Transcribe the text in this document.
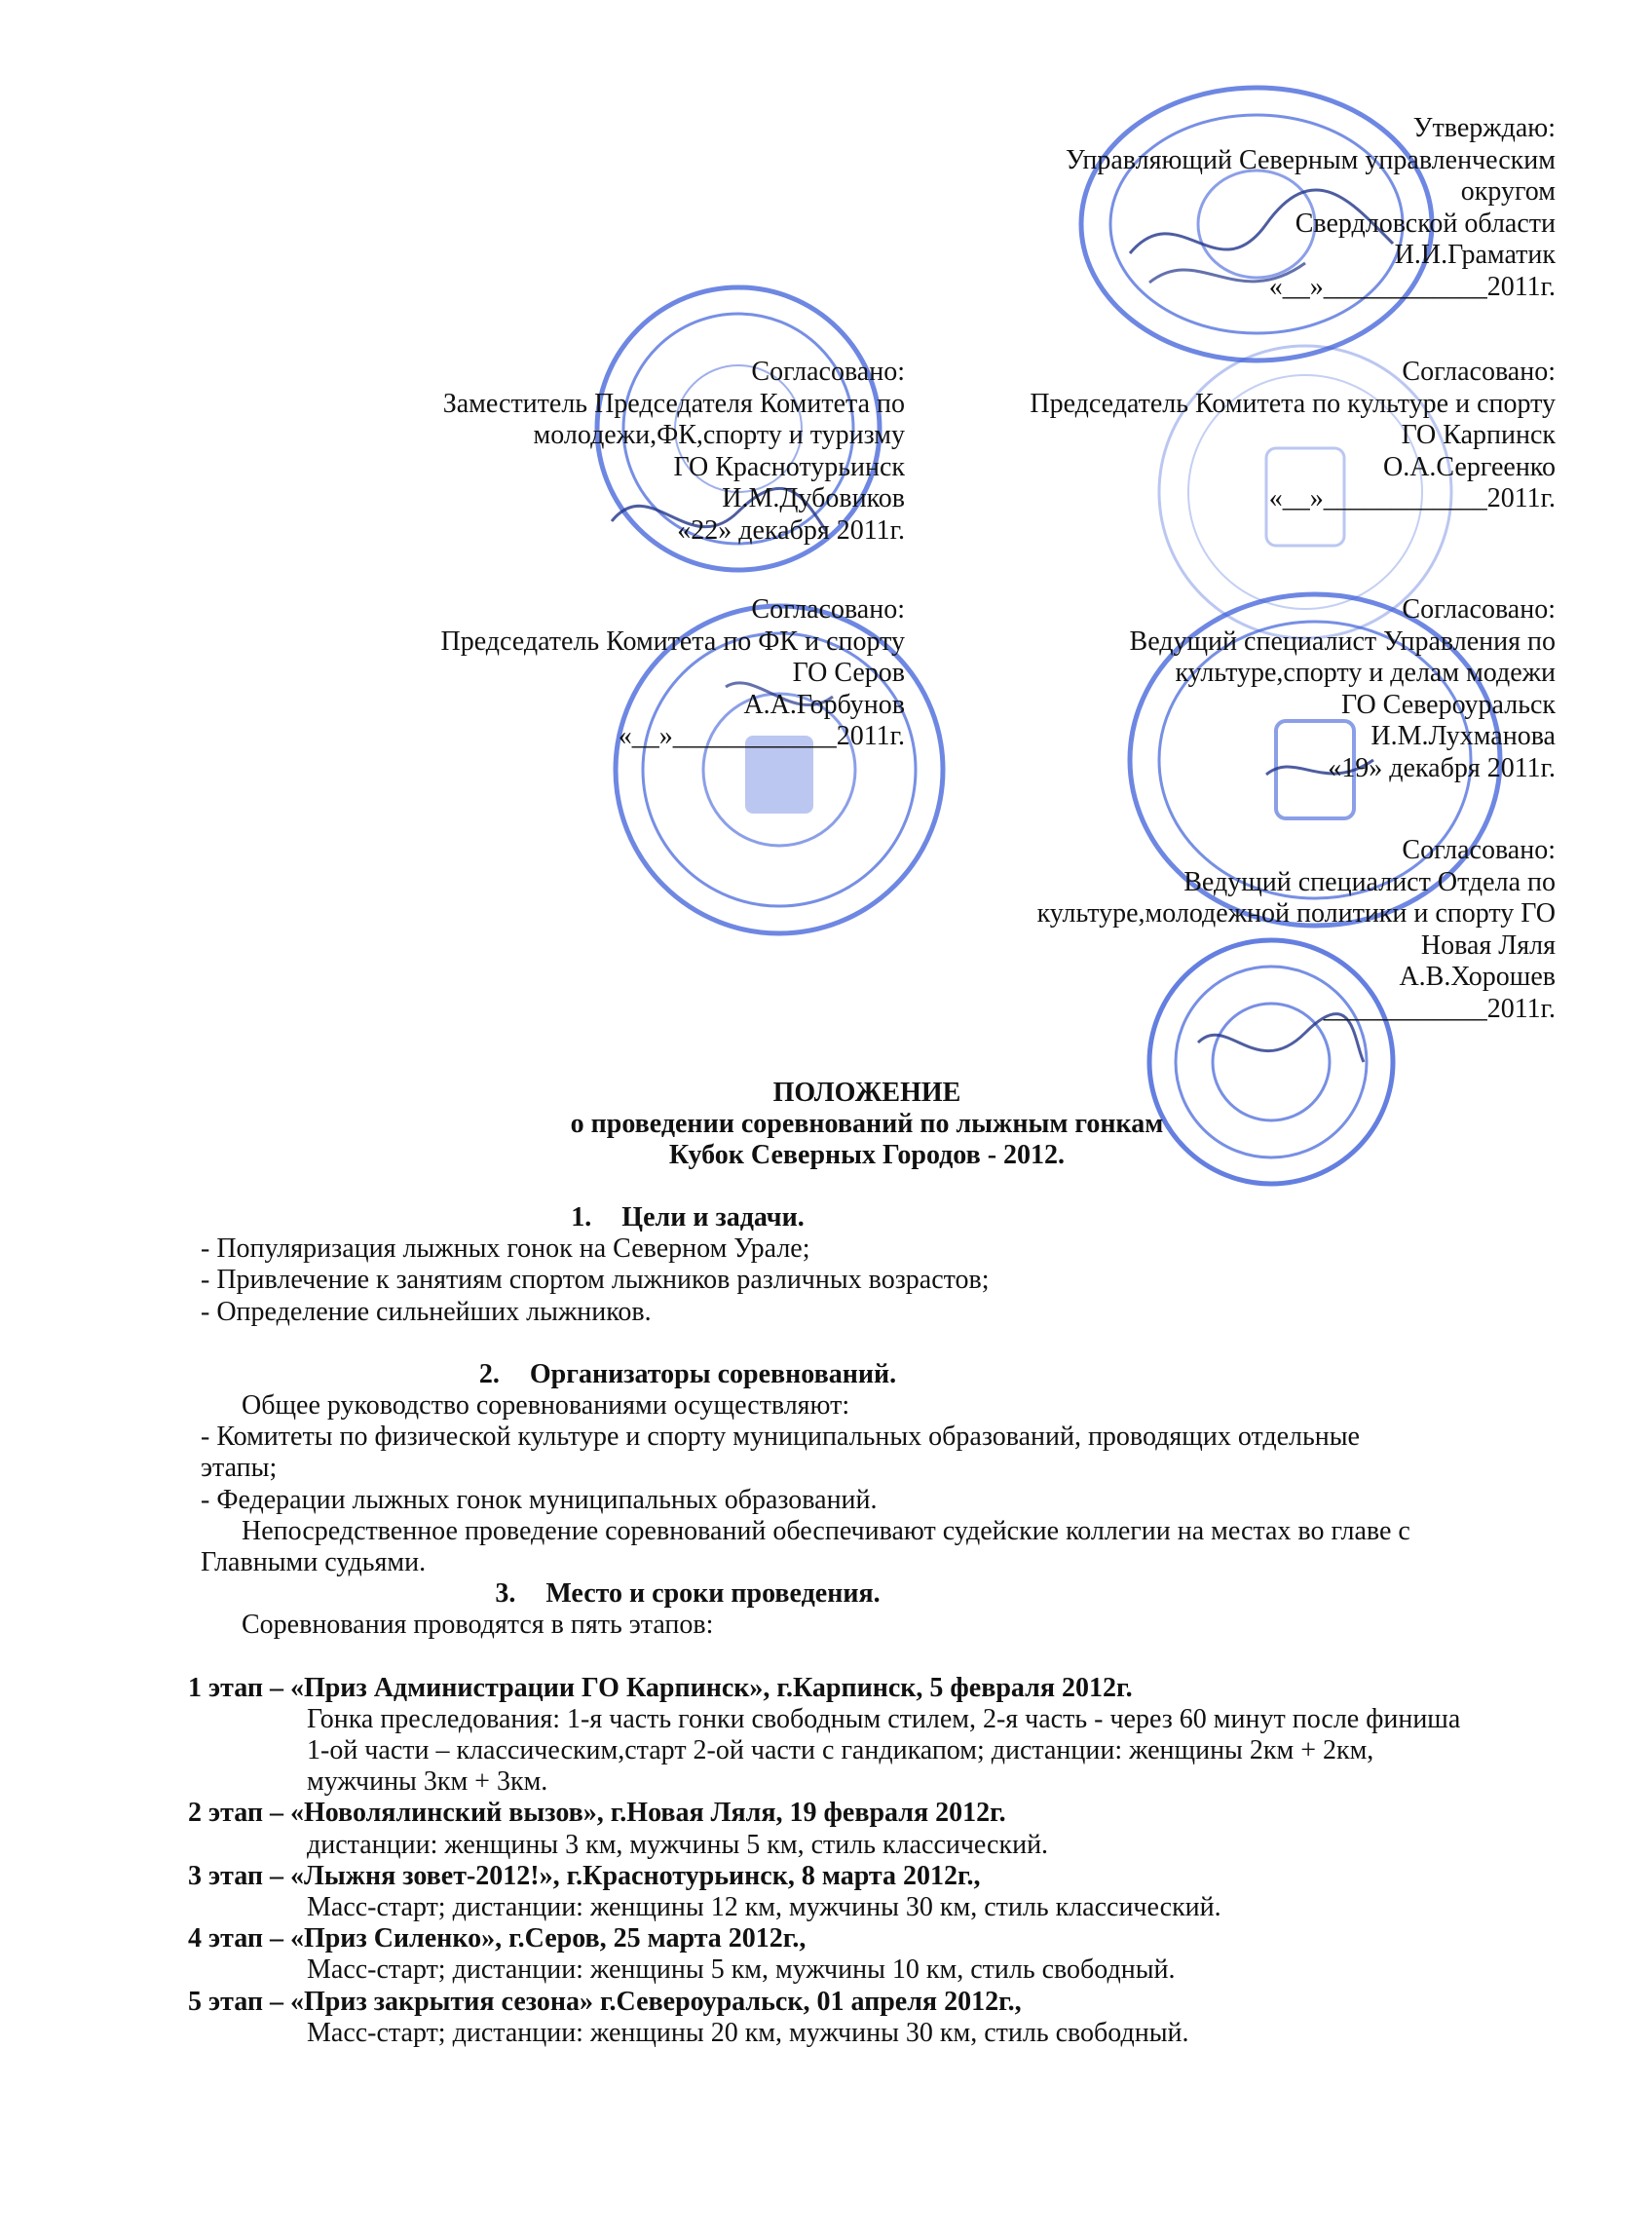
Утверждаю:
Управляющий Северным управленческим
округом
Свердловской области
И.И.Граматик
«__»____________2011г.
Согласовано:
Заместитель Председателя Комитета по
молодежи,ФК,спорту и туризму
ГО Краснотурьинск
И.М.Дубовиков
«22» декабря 2011г.
Согласовано:
Председатель Комитета по культуре и спорту
ГО Карпинск
О.А.Сергеенко
«__»____________2011г.
Согласовано:
Председатель Комитета по ФК и спорту
ГО Серов
А.А.Горбунов
«__»____________2011г.
Согласовано:
Ведущий специалист Управления по
культуре,спорту и делам модежи
ГО Североуральск
И.М.Лухманова
«19» декабря 2011г.
Согласовано:
Ведущий специалист Отдела по
культуре,молодежной политики и спорту ГО
Новая Ляля
А.В.Хорошев
____________2011г.
ПОЛОЖЕНИЕ
о проведении соревнований по лыжным гонкам
Кубок Северных Городов - 2012.
1. Цели и задачи.
- Популяризация лыжных гонок на Северном Урале;
- Привлечение к занятиям спортом лыжников различных возрастов;
- Определение сильнейших лыжников.
2. Организаторы соревнований.
Общее руководство соревнованиями осуществляют:
- Комитеты по физической культуре и спорту муниципальных образований, проводящих отдельные
этапы;
- Федерации лыжных гонок муниципальных образований.
Непосредственное проведение соревнований обеспечивают судейские коллегии на местах во главе с
Главными судьями.
3. Место и сроки проведения.
Соревнования проводятся в пять этапов:
1 этап – «Приз Администрации ГО Карпинск», г.Карпинск, 5 февраля 2012г.
Гонка преследования: 1-я часть гонки свободным стилем, 2-я часть - через 60 минут после финиша 1-ой части – классическим,старт 2-ой части с гандикапом; дистанции: женщины 2км + 2км, мужчины 3км + 3км.
2 этап – «Новолялинский вызов», г.Новая Ляля, 19 февраля 2012г.
дистанции: женщины 3 км, мужчины 5 км, стиль классический.
3 этап – «Лыжня зовет-2012!», г.Краснотурьинск, 8 марта 2012г.,
Масс-старт; дистанции: женщины 12 км, мужчины 30 км, стиль классический.
4 этап – «Приз Силенко», г.Серов, 25 марта 2012г.,
Масс-старт; дистанции: женщины 5 км, мужчины 10 км, стиль свободный.
5 этап – «Приз закрытия сезона» г.Североуральск, 01 апреля 2012г.,
Масс-старт; дистанции: женщины 20 км, мужчины 30 км, стиль свободный.
